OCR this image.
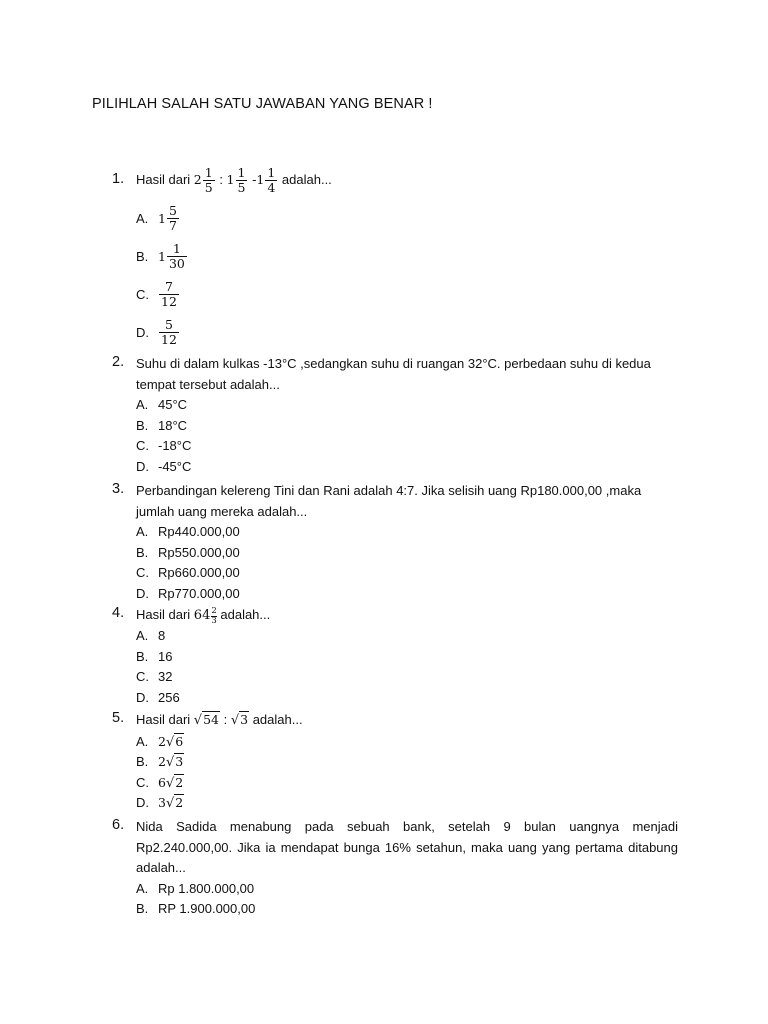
PILIHLAH SALAH SATU JAWABAN YANG BENAR !
1. Hasil dari $2 \frac{1}{5}$ : $1 \frac{1}{5} - 1 \frac{1}{4}$ adalah...
A. $1 \frac{5}{7}$
B. $1 \frac{1}{30}$
C. $\frac{7}{12}$
D. $\frac{5}{12}$
2. Suhu di dalam kulkas -13°C ,sedangkan suhu di ruangan 32°C. perbedaan suhu di kedua tempat tersebut adalah...
A. 45°C
B. 18°C
C. -18°C
D. -45°C
3. Perbandingan kelereng Tini dan Rani adalah 4:7. Jika selisih uang Rp180.000,00 ,maka jumlah uang mereka adalah...
A. Rp440.000,00
B. Rp550.000,00
C. Rp660.000,00
D. Rp770.000,00
4. Hasil dari $64 \frac{2}{3}$ adalah...
A. 8
B. 16
C. 32
D. 256
5. Hasil dari √54 : √3 adalah...
A. 2√6
B. 2√3
C. 6√2
D. 3√2
6. Nida Sadida menabung pada sebuah bank, setelah 9 bulan uangnya menjadi Rp2.240.000,00. Jika ia mendapat bunga 16% setahun, maka uang yang pertama ditabung adalah...
A. Rp 1.800.000,00
B. RP 1.900.000,00
